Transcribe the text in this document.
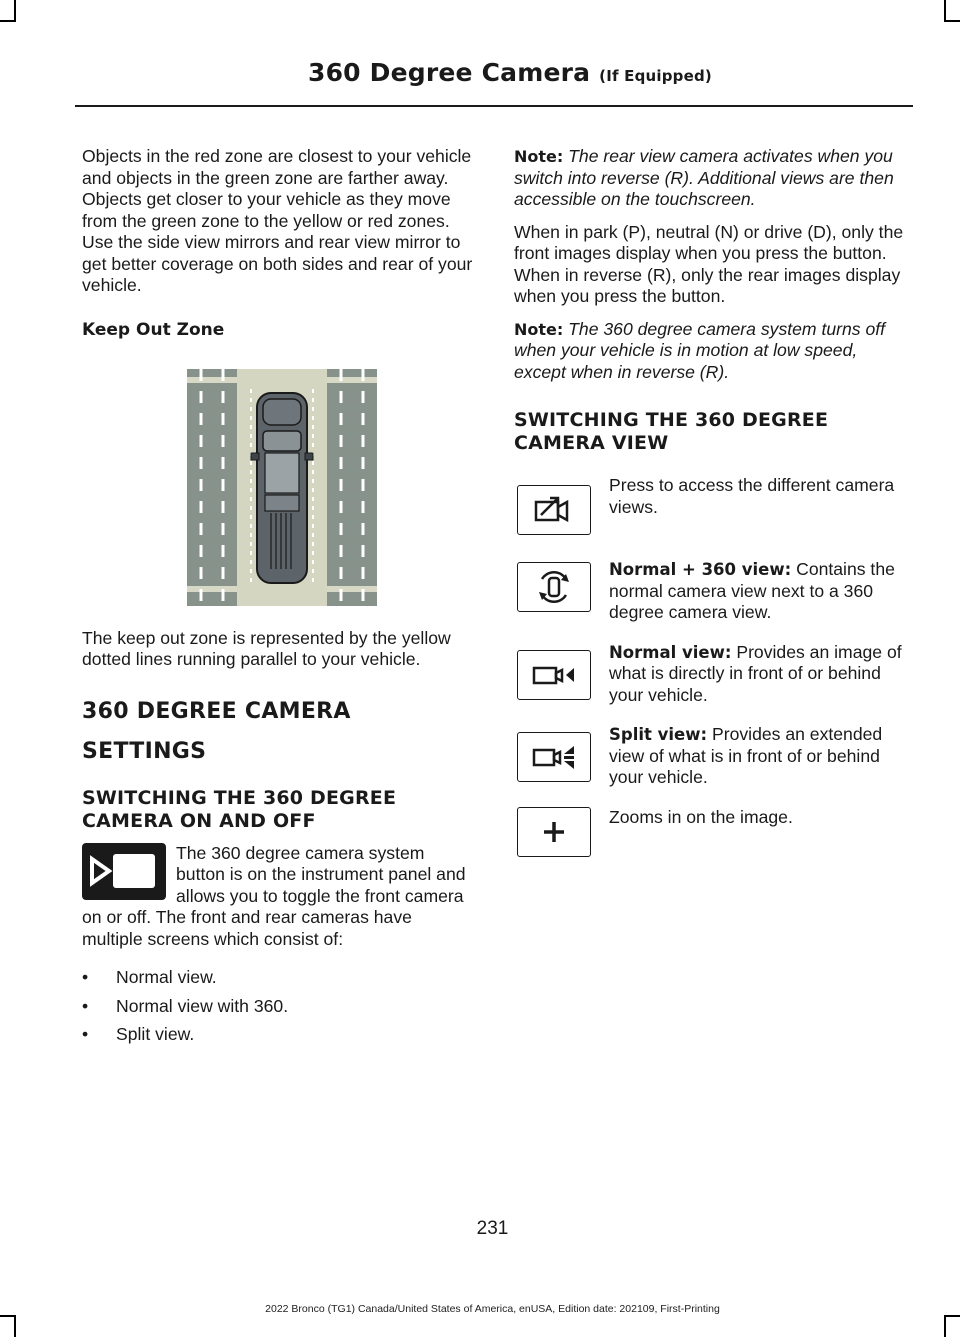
360 Degree Camera (If Equipped)

Objects in the red zone are closest to your vehicle and objects in the green zone are farther away. Objects get closer to your vehicle as they move from the green zone to the yellow or red zones. Use the side view mirrors and rear view mirror to get better coverage on both sides and rear of your vehicle.

Keep Out Zone

The keep out zone is represented by the yellow dotted lines running parallel to your vehicle.

360 DEGREE CAMERA
SETTINGS
SWITCHING THE 360 DEGREE CAMERA ON AND OFF

The 360 degree camera system button is on the instrument panel and allows you to toggle the front camera on or off. The front and rear cameras have multiple screens which consist of:

• Normal view.
• Normal view with 360.
• Split view.

Note: The rear view camera activates when you switch into reverse (R). Additional views are then accessible on the touchscreen.

When in park (P), neutral (N) or drive (D), only the front images display when you press the button. When in reverse (R), only the rear images display when you press the button.

Note: The 360 degree camera system turns off when your vehicle is in motion at low speed, except when in reverse (R).

SWITCHING THE 360 DEGREE CAMERA VIEW
Press to access the different camera views.
Normal + 360 view: Contains the normal camera view next to a 360 degree camera view.
Normal view: Provides an image of what is directly in front of or behind your vehicle.
Split view: Provides an extended view of what is in front of or behind your vehicle.
Zooms in on the image.
231
2022 Bronco (TG1) Canada/United States of America, enUSA, Edition date: 202109, First-Printing
